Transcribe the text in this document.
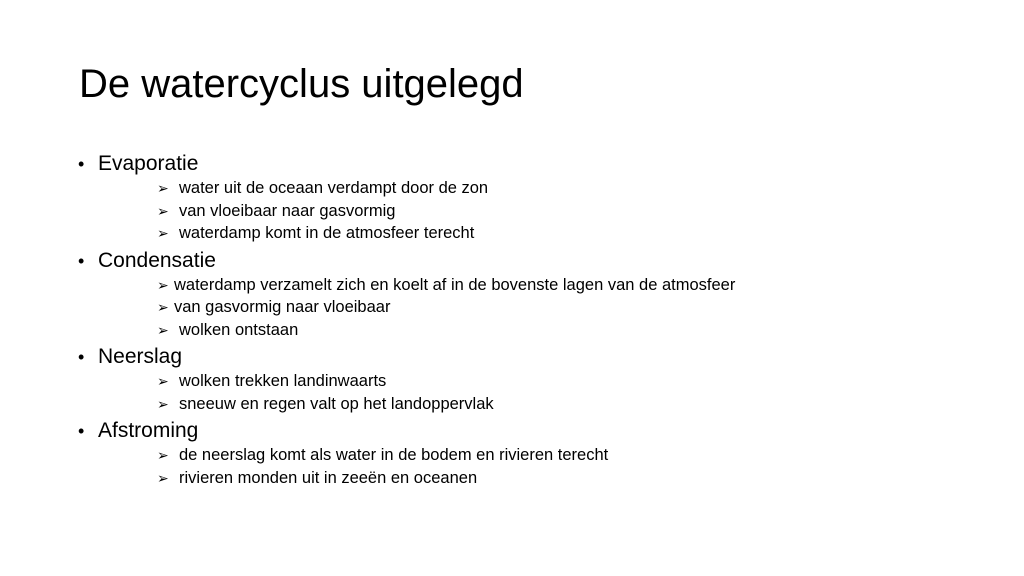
De watercyclus uitgelegd
• Evaporatie
➢ water uit de oceaan verdampt door de zon
➢ van vloeibaar naar gasvormig
➢ waterdamp komt in de atmosfeer terecht
• Condensatie
➢ waterdamp verzamelt zich en koelt af in de bovenste lagen van de atmosfeer
➢ van gasvormig naar vloeibaar
➢ wolken ontstaan
• Neerslag
➢ wolken trekken landinwaarts
➢ sneeuw en regen valt op het landoppervlak
• Afstroming
➢ de neerslag komt als water in de bodem en rivieren terecht
➢ rivieren monden uit in zeeën en oceanen
